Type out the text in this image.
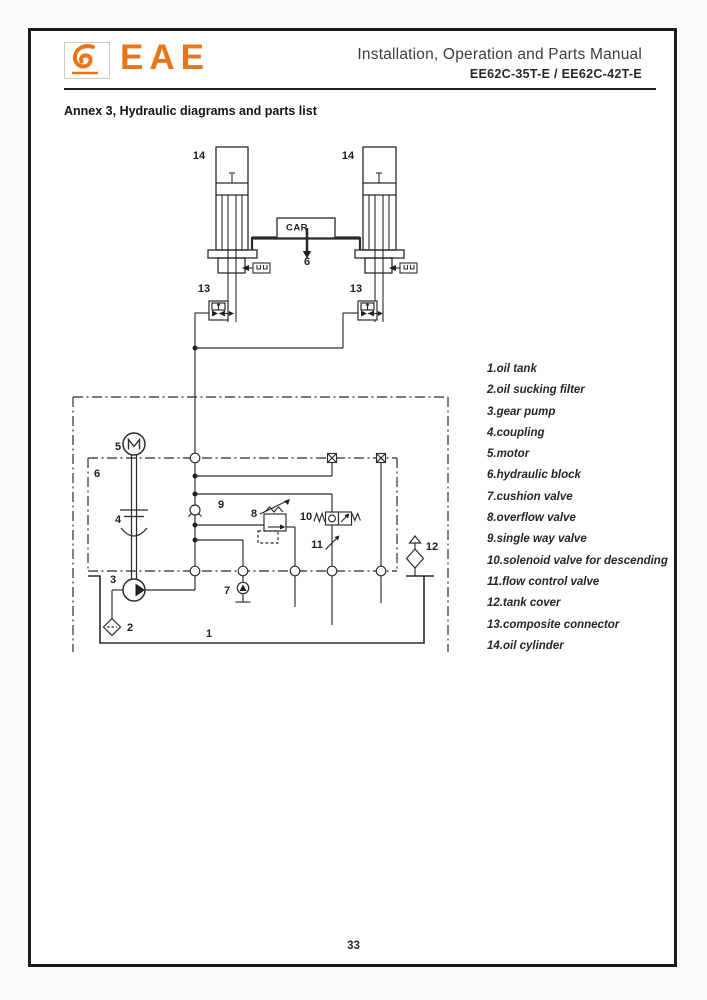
EAE	Installation, Operation and Parts Manual
EE62C-35T-E / EE62C-42T-E
Annex 3, Hydraulic diagrams and parts list
14	14
13	13
CAR
6
5
6
4
3
2	1
9
8	10
11
7
12
1.oil tank
2.oil sucking filter
3.gear pump
4.coupling
5.motor
6.hydraulic block
7.cushion valve
8.overflow valve
9.single way valve
10.solenoid valve for descending
11.flow control valve
12.tank cover
13.composite connector
14.oil cylinder
33
